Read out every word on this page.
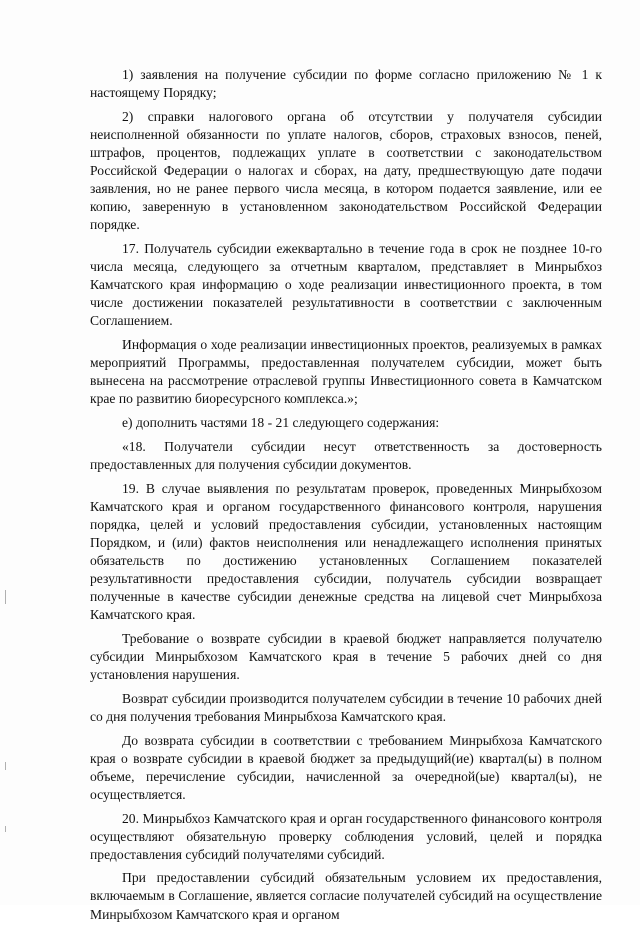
1) заявления на получение субсидии по форме согласно приложению № 1 к настоящему Порядку;

2) справки налогового органа об отсутствии у получателя субсидии неисполненной обязанности по уплате налогов, сборов, страховых взносов, пеней, штрафов, процентов, подлежащих уплате в соответствии с законодательством Российской Федерации о налогах и сборах, на дату, предшествующую дате подачи заявления, но не ранее первого числа месяца, в котором подается заявление, или ее копию, заверенную в установленном законодательством Российской Федерации порядке.

17. Получатель субсидии ежеквартально в течение года в срок не позднее 10-го числа месяца, следующего за отчетным кварталом, представляет в Минрыбхоз Камчатского края информацию о ходе реализации инвестиционного проекта, в том числе достижении показателей результативности в соответствии с заключенным Соглашением.

Информация о ходе реализации инвестиционных проектов, реализуемых в рамках мероприятий Программы, предоставленная получателем субсидии, может быть вынесена на рассмотрение отраслевой группы Инвестиционного совета в Камчатском крае по развитию биоресурсного комплекса.»;

е) дополнить частями 18 - 21 следующего содержания:

«18. Получатели субсидии несут ответственность за достоверность предоставленных для получения субсидии документов.

19. В случае выявления по результатам проверок, проведенных Минрыбхозом Камчатского края и органом государственного финансового контроля, нарушения порядка, целей и условий предоставления субсидии, установленных настоящим Порядком, и (или) фактов неисполнения или ненадлежащего исполнения принятых обязательств по достижению установленных Соглашением показателей результативности предоставления субсидии, получатель субсидии возвращает полученные в качестве субсидии денежные средства на лицевой счет Минрыбхоза Камчатского края.

Требование о возврате субсидии в краевой бюджет направляется получателю субсидии Минрыбхозом Камчатского края в течение 5 рабочих дней со дня установления нарушения.

Возврат субсидии производится получателем субсидии в течение 10 рабочих дней со дня получения требования Минрыбхоза Камчатского края.

До возврата субсидии в соответствии с требованием Минрыбхоза Камчатского края о возврате субсидии в краевой бюджет за предыдущий(ие) квартал(ы) в полном объеме, перечисление субсидии, начисленной за очередной(ые) квартал(ы), не осуществляется.

20. Минрыбхоз Камчатского края и орган государственного финансового контроля осуществляют обязательную проверку соблюдения условий, целей и порядка предоставления субсидий получателями субсидий.

При предоставлении субсидий обязательным условием их предоставления, включаемым в Соглашение, является согласие получателей субсидий на осуществление Минрыбхозом Камчатского края и органом
